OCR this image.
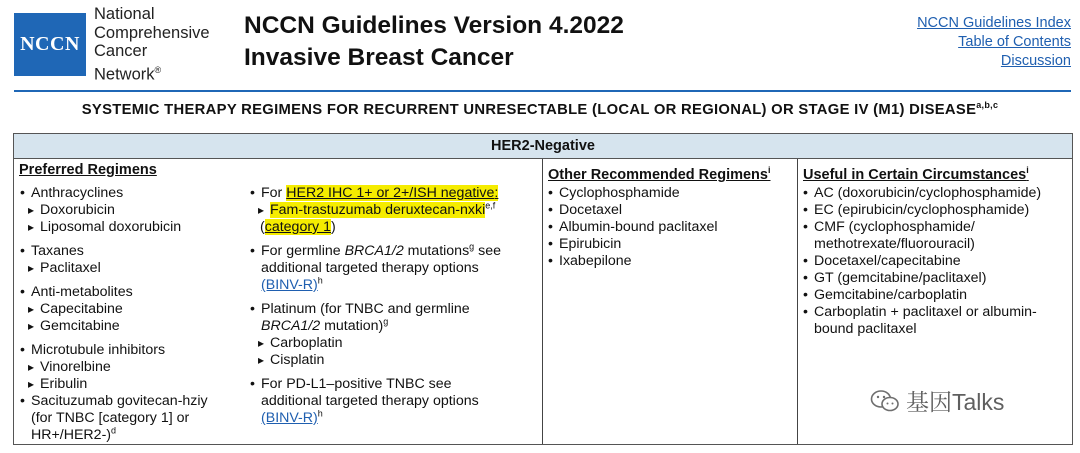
NCCN
National
Comprehensive
Cancer
Network®
NCCN Guidelines Version 4.2022
Invasive Breast Cancer
NCCN Guidelines Index
Table of Contents
Discussion
SYSTEMIC THERAPY REGIMENS FOR RECURRENT UNRESECTABLE (LOCAL OR REGIONAL) OR STAGE IV (M1) DISEASE$^{a,b,c}$
HER2-Negative
Preferred Regimens
• Anthracyclines
▸ Doxorubicin
▸ Liposomal doxorubicin
• Taxanes
▸ Paclitaxel
• Anti-metabolites
▸ Capecitabine
▸ Gemcitabine
• Microtubule inhibitors
▸ Vinorelbine
▸ Eribulin
• Sacituzumab govitecan-hziy
(for TNBC [category 1] or
HR+/HER2-)$^d$
• For HER2 IHC 1+ or 2+/ISH negative:
▸ Fam-trastuzumab deruxtecan-nxki$^{e,f}$
(category 1)
• For germline BRCA1/2 mutations$^g$ see
additional targeted therapy options
(BINV-R)$^h$
• Platinum (for TNBC and germline
BRCA1/2 mutation)$^g$
▸ Carboplatin
▸ Cisplatin
• For PD-L1–positive TNBC see
additional targeted therapy options
(BINV-R)$^h$
Other Recommended Regimens$^i$
• Cyclophosphamide
• Docetaxel
• Albumin-bound paclitaxel
• Epirubicin
• Ixabepilone
Useful in Certain Circumstances$^i$
• AC (doxorubicin/cyclophosphamide)
• EC (epirubicin/cyclophosphamide)
• CMF (cyclophosphamide/
methotrexate/fluorouracil)
• Docetaxel/capecitabine
• GT (gemcitabine/paclitaxel)
• Gemcitabine/carboplatin
• Carboplatin + paclitaxel or albumin-
bound paclitaxel
基因Talks
